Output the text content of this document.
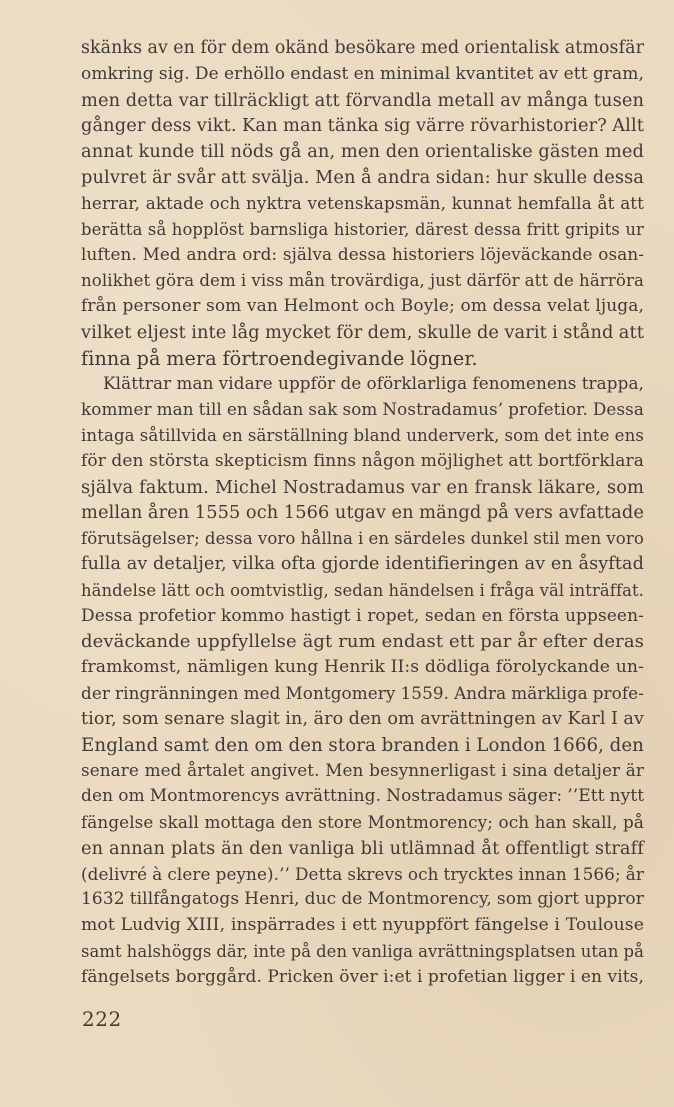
skänks av en för dem okänd besökare med orientalisk atmosfär
omkring sig. De erhöllo endast en minimal kvantitet av ett gram,
men detta var tillräckligt att förvandla metall av många tusen
gånger dess vikt. Kan man tänka sig värre rövarhistorier? Allt
annat kunde till nöds gå an, men den orientaliske gästen med
pulvret är svår att svälja. Men å andra sidan: hur skulle dessa
herrar, aktade och nyktra vetenskapsmän, kunnat hemfalla åt att
berätta så hopplöst barnsliga historier, därest dessa fritt gripits ur
luften. Med andra ord: själva dessa historiers löjeväckande osan-
nolikhet göra dem i viss mån trovärdiga, just därför att de härröra
från personer som van Helmont och Boyle; om dessa velat ljuga,
vilket eljest inte låg mycket för dem, skulle de varit i stånd att
finna på mera förtroendegivande lögner.
Klättrar man vidare uppför de oförklarliga fenomenens trappa,
kommer man till en sådan sak som Nostradamus’ profetior. Dessa
intaga såtillvida en särställning bland underverk, som det inte ens
för den största skepticism finns någon möjlighet att bortförklara
själva faktum. Michel Nostradamus var en fransk läkare, som
mellan åren 1555 och 1566 utgav en mängd på vers avfattade
förutsägelser; dessa voro hållna i en särdeles dunkel stil men voro
fulla av detaljer, vilka ofta gjorde identifieringen av en åsyftad
händelse lätt och oomtvistlig, sedan händelsen i fråga väl inträffat.
Dessa profetior kommo hastigt i ropet, sedan en första uppseen-
deväckande uppfyllelse ägt rum endast ett par år efter deras
framkomst, nämligen kung Henrik II:s dödliga förolyckande un-
der ringränningen med Montgomery 1559. Andra märkliga profe-
tior, som senare slagit in, äro den om avrättningen av Karl I av
England samt den om den stora branden i London 1666, den
senare med årtalet angivet. Men besynnerligast i sina detaljer är
den om Montmorencys avrättning. Nostradamus säger: ’’Ett nytt
fängelse skall mottaga den store Montmorency; och han skall, på
en annan plats än den vanliga bli utlämnad åt offentligt straff
(delivré à clere peyne).’’ Detta skrevs och trycktes innan 1566; år
1632 tillfångatogs Henri, duc de Montmorency, som gjort uppror
mot Ludvig XIII, inspärrades i ett nyuppfört fängelse i Toulouse
samt halshöggs där, inte på den vanliga avrättningsplatsen utan på
fängelsets borggård. Pricken över i:et i profetian ligger i en vits,
222
